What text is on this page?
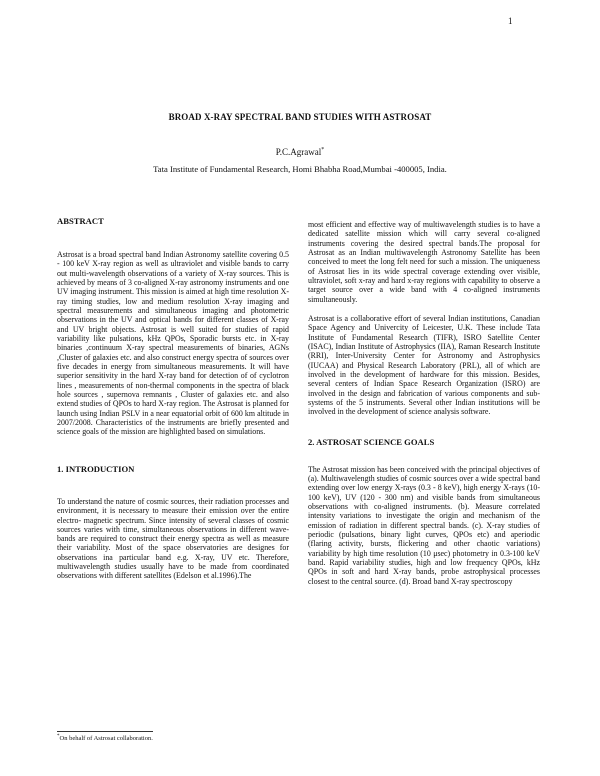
1
BROAD X-RAY SPECTRAL BAND STUDIES WITH ASTROSAT
P.C.Agrawal*
Tata Institute of Fundamental Research, Homi Bhabha Road,Mumbai -400005, India.
ABSTRACT

Astrosat is a broad spectral band Indian Astronomy satellite covering 0.5 - 100 keV X-ray region as well as ultraviolet and visible bands to carry out multi-wavelength observations of a variety of X-ray sources. This is achieved by means of 3 co-aligned X-ray astronomy instruments and one UV imaging instrument. This mission is aimed at high time resolution X-ray timing studies, low and medium resolution X-ray imaging and spectral measurements and simultaneous imaging and photometric observations in the UV and optical bands for different classes of X-ray and UV bright objects. Astrosat is well suited for studies of rapid variability like pulsations, kHz QPOs, Sporadic bursts etc. in X-ray binaries ,continuum X-ray spectral measurements of binaries, AGNs ,Cluster of galaxies etc. and also construct energy spectra of sources over five decades in energy from simultaneous measurements. It will have superior sensitivity in the hard X-ray band for detection of of cyclotron lines , measurements of non-thermal components in the spectra of black hole sources , supernova remnants , Cluster of galaxies etc. and also extend studies of QPOs to hard X-ray region. The Astrosat is planned for launch using Indian PSLV in a near equatorial orbit of 600 km altitude in 2007/2008. Characteristics of the instruments are briefly presented and science goals of the mission are highlighted based on simulations.

1. INTRODUCTION

To understand the nature of cosmic sources, their radiation processes and environment, it is necessary to measure their emission over the entire electro- magnetic spectrum. Since intensity of several classes of cosmic sources varies with time, simultaneous observations in different wave-bands are required to construct their energy spectra as well as measure their variability. Most of the space observatories are designes for observations ina particular band e.g. X-ray, UV etc. Therefore, multiwavelength studies usually have to be made from coordinated observations with different satellites (Edelson et al.1996).The

most efficient and effective way of multiwavelength studies is to have a dedicated satellite mission which will carry several co-aligned instruments covering the desired spectral bands.The proposal for Astrosat as an Indian multiwavelength Astronomy Satellite has been conceived to meet the long felt need for such a mission. The uniqueness of Astrosat lies in its wide spectral coverage extending over visible, ultraviolet, soft x-ray and hard x-ray regions with capability to observe a target source over a wide band with 4 co-aligned instruments simultaneously.

Astrosat is a collaborative effort of several Indian institutions, Canadian Space Agency and Univercity of Leicester, U.K. These include Tata Institute of Fundamental Research (TIFR), ISRO Satellite Center (ISAC), Indian Institute of Astrophysics (IIA), Raman Research Institute (RRI), Inter-University Center for Astronomy and Astrophysics (IUCAA) and Physical Research Laboratory (PRL), all of which are involved in the development of hardware for this mission. Besides, several centers of Indian Space Research Organization (ISRO) are involved in the design and fabrication of various components and sub-systems of the 5 instruments. Several other Indian institutions will be involved in the development of science analysis software.

2. ASTROSAT SCIENCE GOALS

The Astrosat mission has been conceived with the principal objectives of (a). Multiwavelength studies of cosmic sources over a wide spectral band extending over low energy X-rays (0.3 - 8 keV), high energy X-rays (10-100 keV), UV (120 - 300 nm) and visible bands from simultaneous observations with co-aligned instruments. (b). Measure correlated intensity variations to investigate the origin and mechanism of the emission of radiation in different spectral bands. (c). X-ray studies of periodic (pulsations, binary light curves, QPOs etc) and aperiodic (flaring activity, bursts, flickering and other chaotic variations) variability by high time resolution (10 μsec) photometry in 0.3-100 keV band. Rapid variability studies, high and low frequency QPOs, kHz QPOs in soft and hard X-ray bands, probe astrophysical processes closest to the central source. (d). Broad band X-ray spectroscopy

*On behalf of Astrosat collaboration.
